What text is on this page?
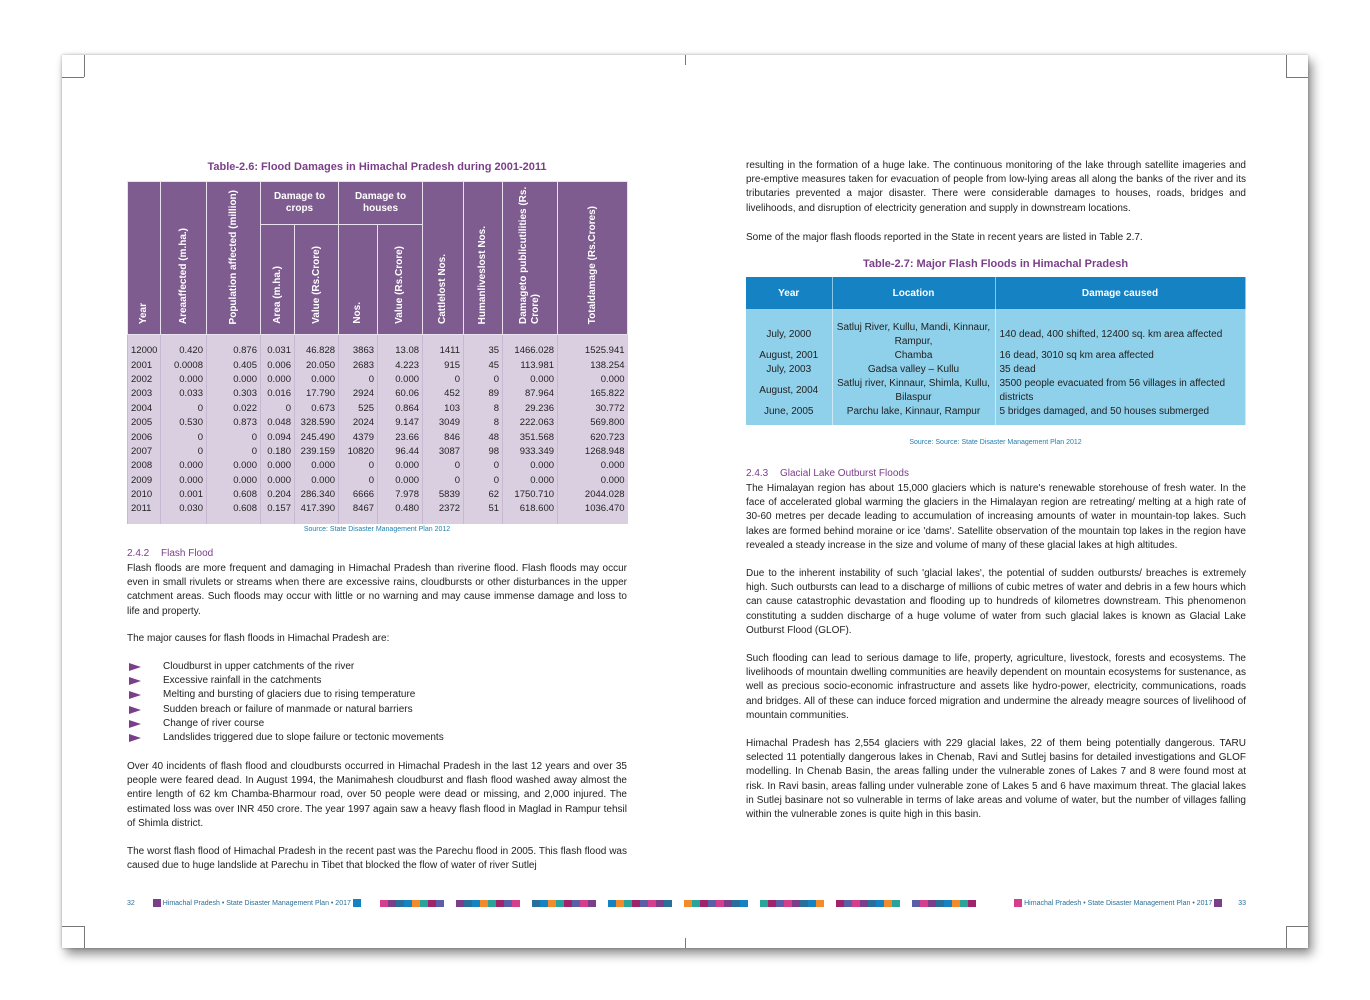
Table-2.6: Flood Damages in Himachal Pradesh during 2001-2011
Year	Areaaffected (m.ha.)	Population affected (million)	Damage to crops		Damage to houses		Cattlelost Nos.	Humanliveslost Nos.	Damageto publicutilities (Rs. Crore)	Totaldamage (Rs.Crores)
			Area (m.ha.)	Value (Rs.Crore)	Nos.	Value (Rs.Crore)				

12000	0.420	0.876	0.031	46.828	3863	13.08	1411	35	1466.028	1525.941
2001	0.0008	0.405	0.006	20.050	2683	4.223	915	45	113.981	138.254
2002	0.000	0.000	0.000	0.000	0	0.000	0	0	0.000	0.000
2003	0.033	0.303	0.016	17.790	2924	60.06	452	89	87.964	165.822
2004	0	0.022	0	0.673	525	0.864	103	8	29.236	30.772
2005	0.530	0.873	0.048	328.590	2024	9.147	3049	8	222.063	569.800
2006	0	0	0.094	245.490	4379	23.66	846	48	351.568	620.723
2007	0	0	0.180	239.159	10820	96.44	3087	98	933.349	1268.948
2008	0.000	0.000	0.000	0.000	0	0.000	0	0	0.000	0.000
2009	0.000	0.000	0.000	0.000	0	0.000	0	0	0.000	0.000
2010	0.001	0.608	0.204	286.340	6666	7.978	5839	62	1750.710	2044.028
2011	0.030	0.608	0.157	417.390	8467	0.480	2372	51	618.600	1036.470

Source: State Disaster Management Plan 2012
2.4.2 Flash Flood

Flash floods are more frequent and damaging in Himachal Pradesh than riverine flood. Flash floods may occur even in small rivulets or streams when there are excessive rains, cloudbursts or other disturbances in the upper catchment areas. Such floods may occur with little or no warning and may cause immense damage and loss to life and property.

The major causes for flash floods in Himachal Pradesh are:

Cloudburst in upper catchments of the river
Excessive rainfall in the catchments
Melting and bursting of glaciers due to rising temperature
Sudden breach or failure of manmade or natural barriers
Change of river course
Landslides triggered due to slope failure or tectonic movements

Over 40 incidents of flash flood and cloudbursts occurred in Himachal Pradesh in the last 12 years and over 35 people were feared dead. In August 1994, the Manimahesh cloudburst and flash flood washed away almost the entire length of 62 km Chamba-Bharmour road, over 50 people were dead or missing, and 2,000 injured. The estimated loss was over INR 450 crore. The year 1997 again saw a heavy flash flood in Maglad in Rampur tehsil of Shimla district.

The worst flash flood of Himachal Pradesh in the recent past was the Parechu flood in 2005. This flash flood was caused due to huge landslide at Parechu in Tibet that blocked the flow of water of river Sutlej

32	Himachal Pradesh • State Disaster Management Plan • 2017

resulting in the formation of a huge lake. The continuous monitoring of the lake through satellite imageries and pre-emptive measures taken for evacuation of people from low-lying areas all along the banks of the river and its tributaries prevented a major disaster. There were considerable damages to houses, roads, bridges and livelihoods, and disruption of electricity generation and supply in downstream locations.

Some of the major flash floods reported in the State in recent years are listed in Table 2.7.

Table-2.7: Major Flash Floods in Himachal Pradesh
Source: Source: State Disaster Management Plan 2012
2.4.3 Glacial Lake Outburst Floods

The Himalayan region has about 15,000 glaciers which is nature's renewable storehouse of fresh water. In the face of accelerated global warming the glaciers in the Himalayan region are retreating/ melting at a high rate of 30-60 metres per decade leading to accumulation of increasing amounts of water in mountain-top lakes. Such lakes are formed behind moraine or ice 'dams'. Satellite observation of the mountain top lakes in the region have revealed a steady increase in the size and volume of many of these glacial lakes at high altitudes.

Due to the inherent instability of such 'glacial lakes', the potential of sudden outbursts/ breaches is extremely high. Such outbursts can lead to a discharge of millions of cubic metres of water and debris in a few hours which can cause catastrophic devastation and flooding up to hundreds of kilometres downstream. This phenomenon constituting a sudden discharge of a huge volume of water from such glacial lakes is known as Glacial Lake Outburst Flood (GLOF).

Such flooding can lead to serious damage to life, property, agriculture, livestock, forests and ecosystems. The livelihoods of mountain dwelling communities are heavily dependent on mountain ecosystems for sustenance, as well as precious socio-economic infrastructure and assets like hydro-power, electricity, communications, roads and bridges. All of these can induce forced migration and undermine the already meagre sources of livelihood of mountain communities.

Himachal Pradesh has 2,554 glaciers with 229 glacial lakes, 22 of them being potentially dangerous. TARU selected 11 potentially dangerous lakes in Chenab, Ravi and Sutlej basins for detailed investigations and GLOF modelling. In Chenab Basin, the areas falling under the vulnerable zones of Lakes 7 and 8 were found most at risk. In Ravi basin, areas falling under vulnerable zone of Lakes 5 and 6 have maximum threat. The glacial lakes in Sutlej basinare not so vulnerable in terms of lake areas and volume of water, but the number of villages falling within the vulnerable zones is quite high in this basin.

Himachal Pradesh • State Disaster Management Plan • 2017	33
Year	Location	Damage caused

July, 2000	Satluj River, Kullu, Mandi, Kinnaur, Rampur,	140 dead, 400 shifted, 12400 sq. km area affected
August, 2001	Chamba	16 dead, 3010 sq km area affected
July, 2003	Gadsa valley – Kullu	35 dead
August, 2004	Satluj river, Kinnaur, Shimla, Kullu, Bilaspur	3500 people evacuated from 56 villages in affected districts
June, 2005	Parchu lake, Kinnaur, Rampur	5 bridges damaged, and 50 houses submerged
